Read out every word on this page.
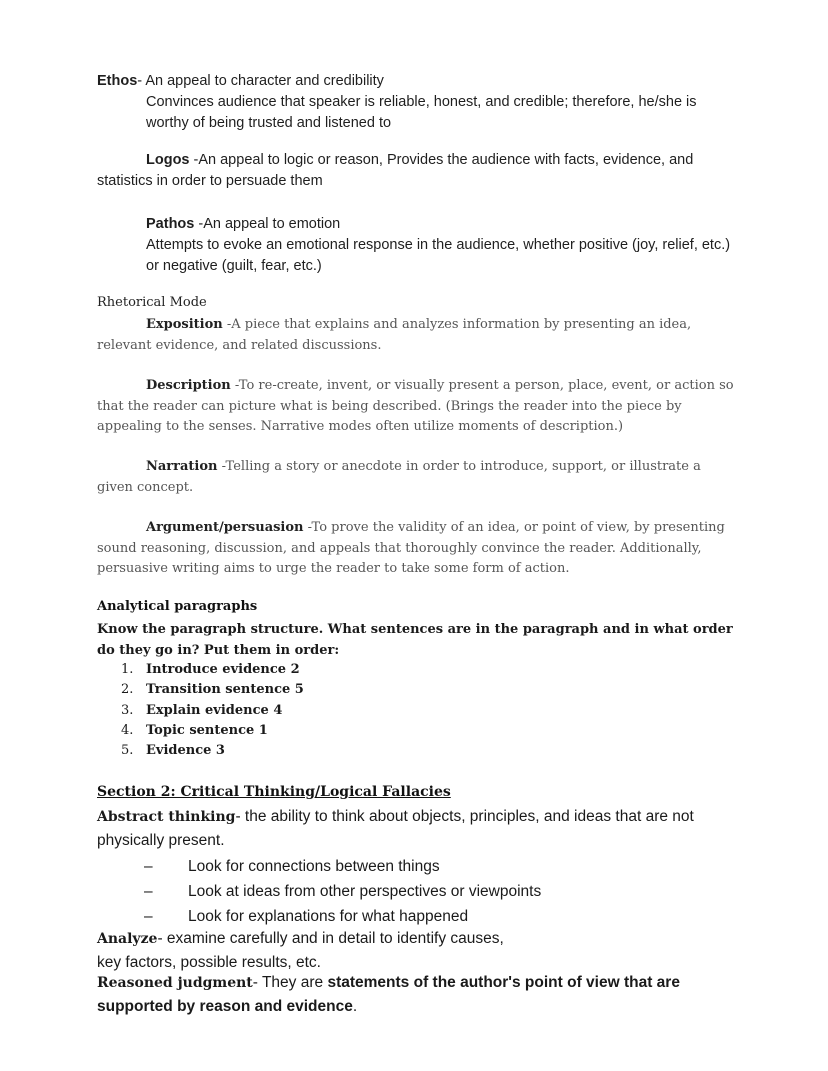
Ethos- An appeal to character and credibility
Convinces audience that speaker is reliable, honest, and credible; therefore, he/she is worthy of being trusted and listened to
Logos -An appeal to logic or reason, Provides the audience with facts, evidence, and statistics in order to persuade them
Pathos -An appeal to emotion
Attempts to evoke an emotional response in the audience, whether positive (joy, relief, etc.) or negative (guilt, fear, etc.)
Rhetorical Mode
Exposition -A piece that explains and analyzes information by presenting an idea, relevant evidence, and related discussions.
Description -To re-create, invent, or visually present a person, place, event, or action so that the reader can picture what is being described. (Brings the reader into the piece by appealing to the senses. Narrative modes often utilize moments of description.)
Narration -Telling a story or anecdote in order to introduce, support, or illustrate a given concept.
Argument/persuasion -To prove the validity of an idea, or point of view, by presenting sound reasoning, discussion, and appeals that thoroughly convince the reader. Additionally, persuasive writing aims to urge the reader to take some form of action.
Analytical paragraphs
Know the paragraph structure. What sentences are in the paragraph and in what order do they go in? Put them in order:
1. Introduce evidence 2
2. Transition sentence 5
3. Explain evidence 4
4. Topic sentence 1
5. Evidence 3
Section 2: Critical Thinking/Logical Fallacies
Abstract thinking- the ability to think about objects, principles, and ideas that are not physically present.
– Look for connections between things
– Look at ideas from other perspectives or viewpoints
– Look for explanations for what happened
Analyze- examine carefully and in detail to identify causes,
key factors, possible results, etc.
Reasoned judgment- They are statements of the author's point of view that are supported by reason and evidence.
